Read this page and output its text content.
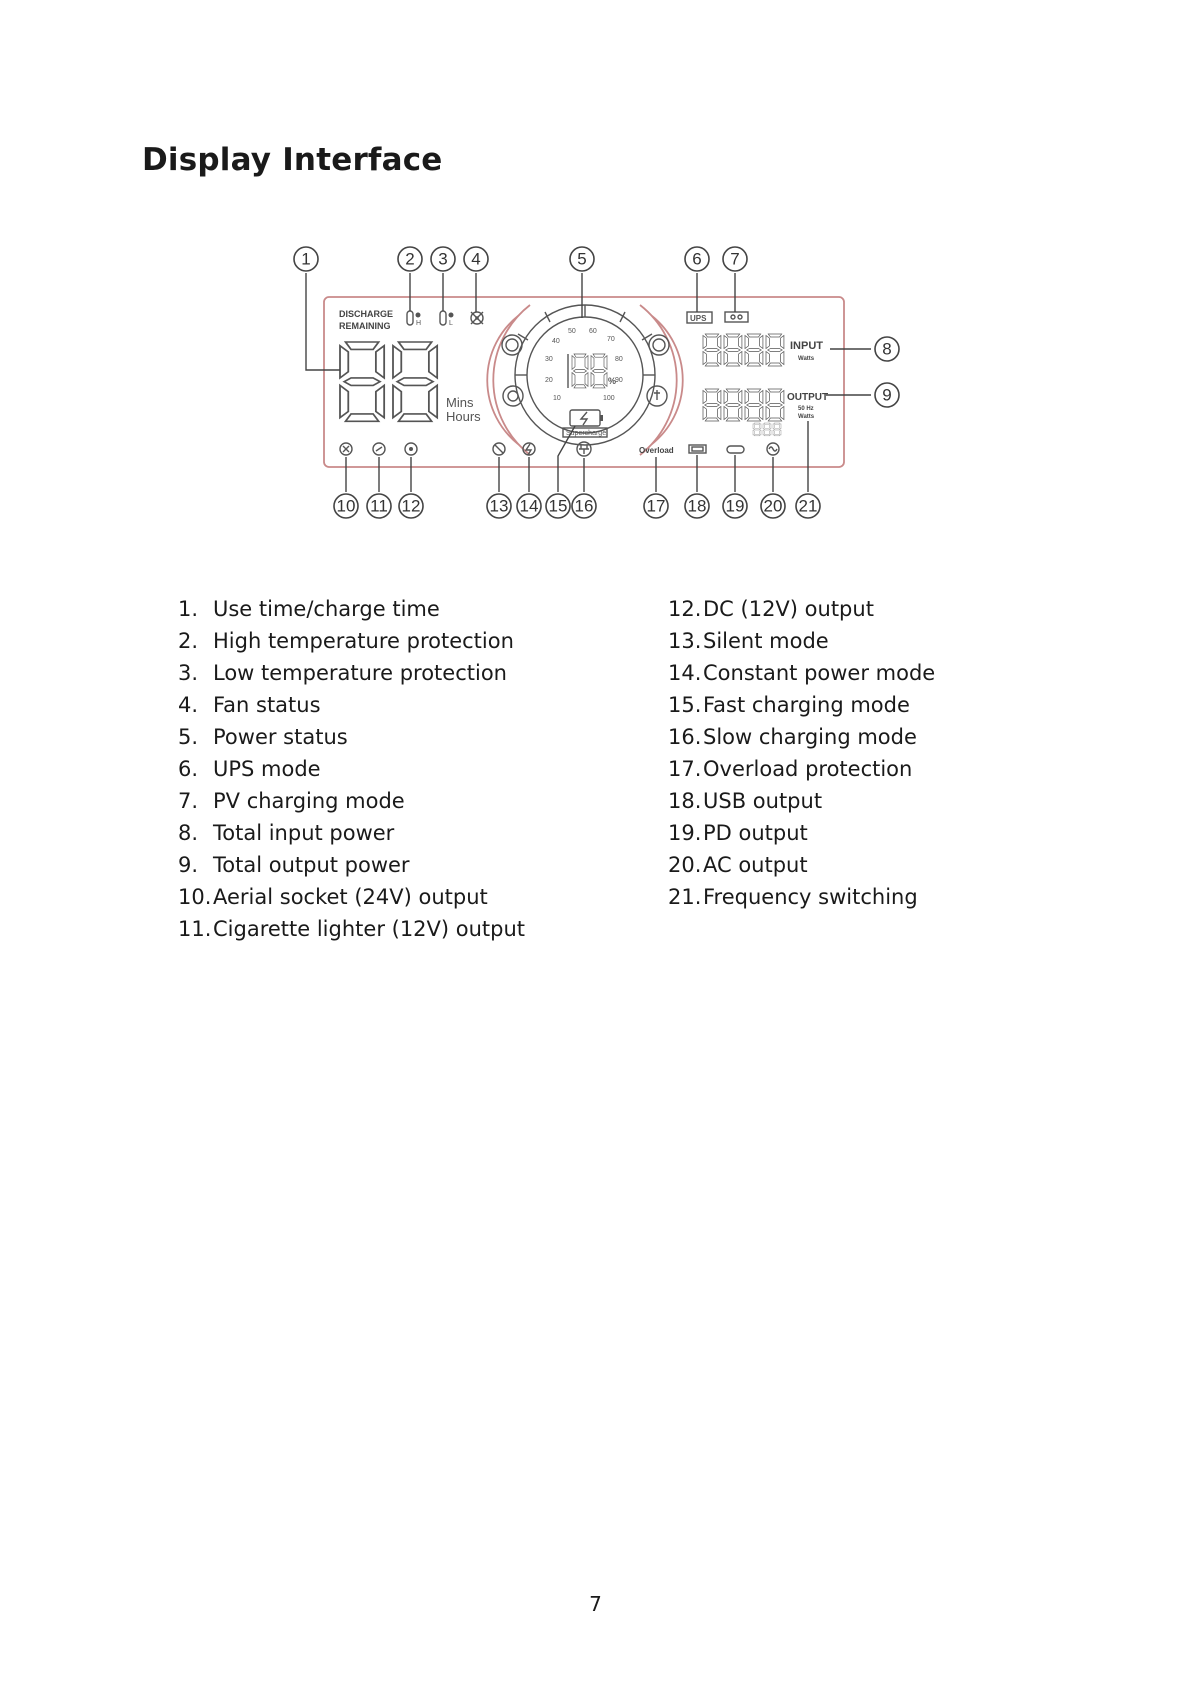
Display Interface
DISCHARGE
REMAINING
Mins
Hours
H	L
10
20
30
40
50 60
70
80
90
100
%
Supercharge
UPS
INPUT
Watts
OUTPUT
50 Hz
Watts
Overload
1	2 3 4	5	6 7
8
9
10 11 12	13 14 15 16	17 18 19 20 21
1. Use time/charge time
2. High temperature protection
3. Low temperature protection
4. Fan status
5. Power status
6. UPS mode
7. PV charging mode
8. Total input power
9. Total output power
10.Aerial socket (24V) output
11.Cigarette lighter (12V) output
12.DC (12V) output
13.Silent mode
14.Constant power mode
15.Fast charging mode
16.Slow charging mode
17.Overload protection
18.USB output
19.PD output
20.AC output
21.Frequency switching
7
